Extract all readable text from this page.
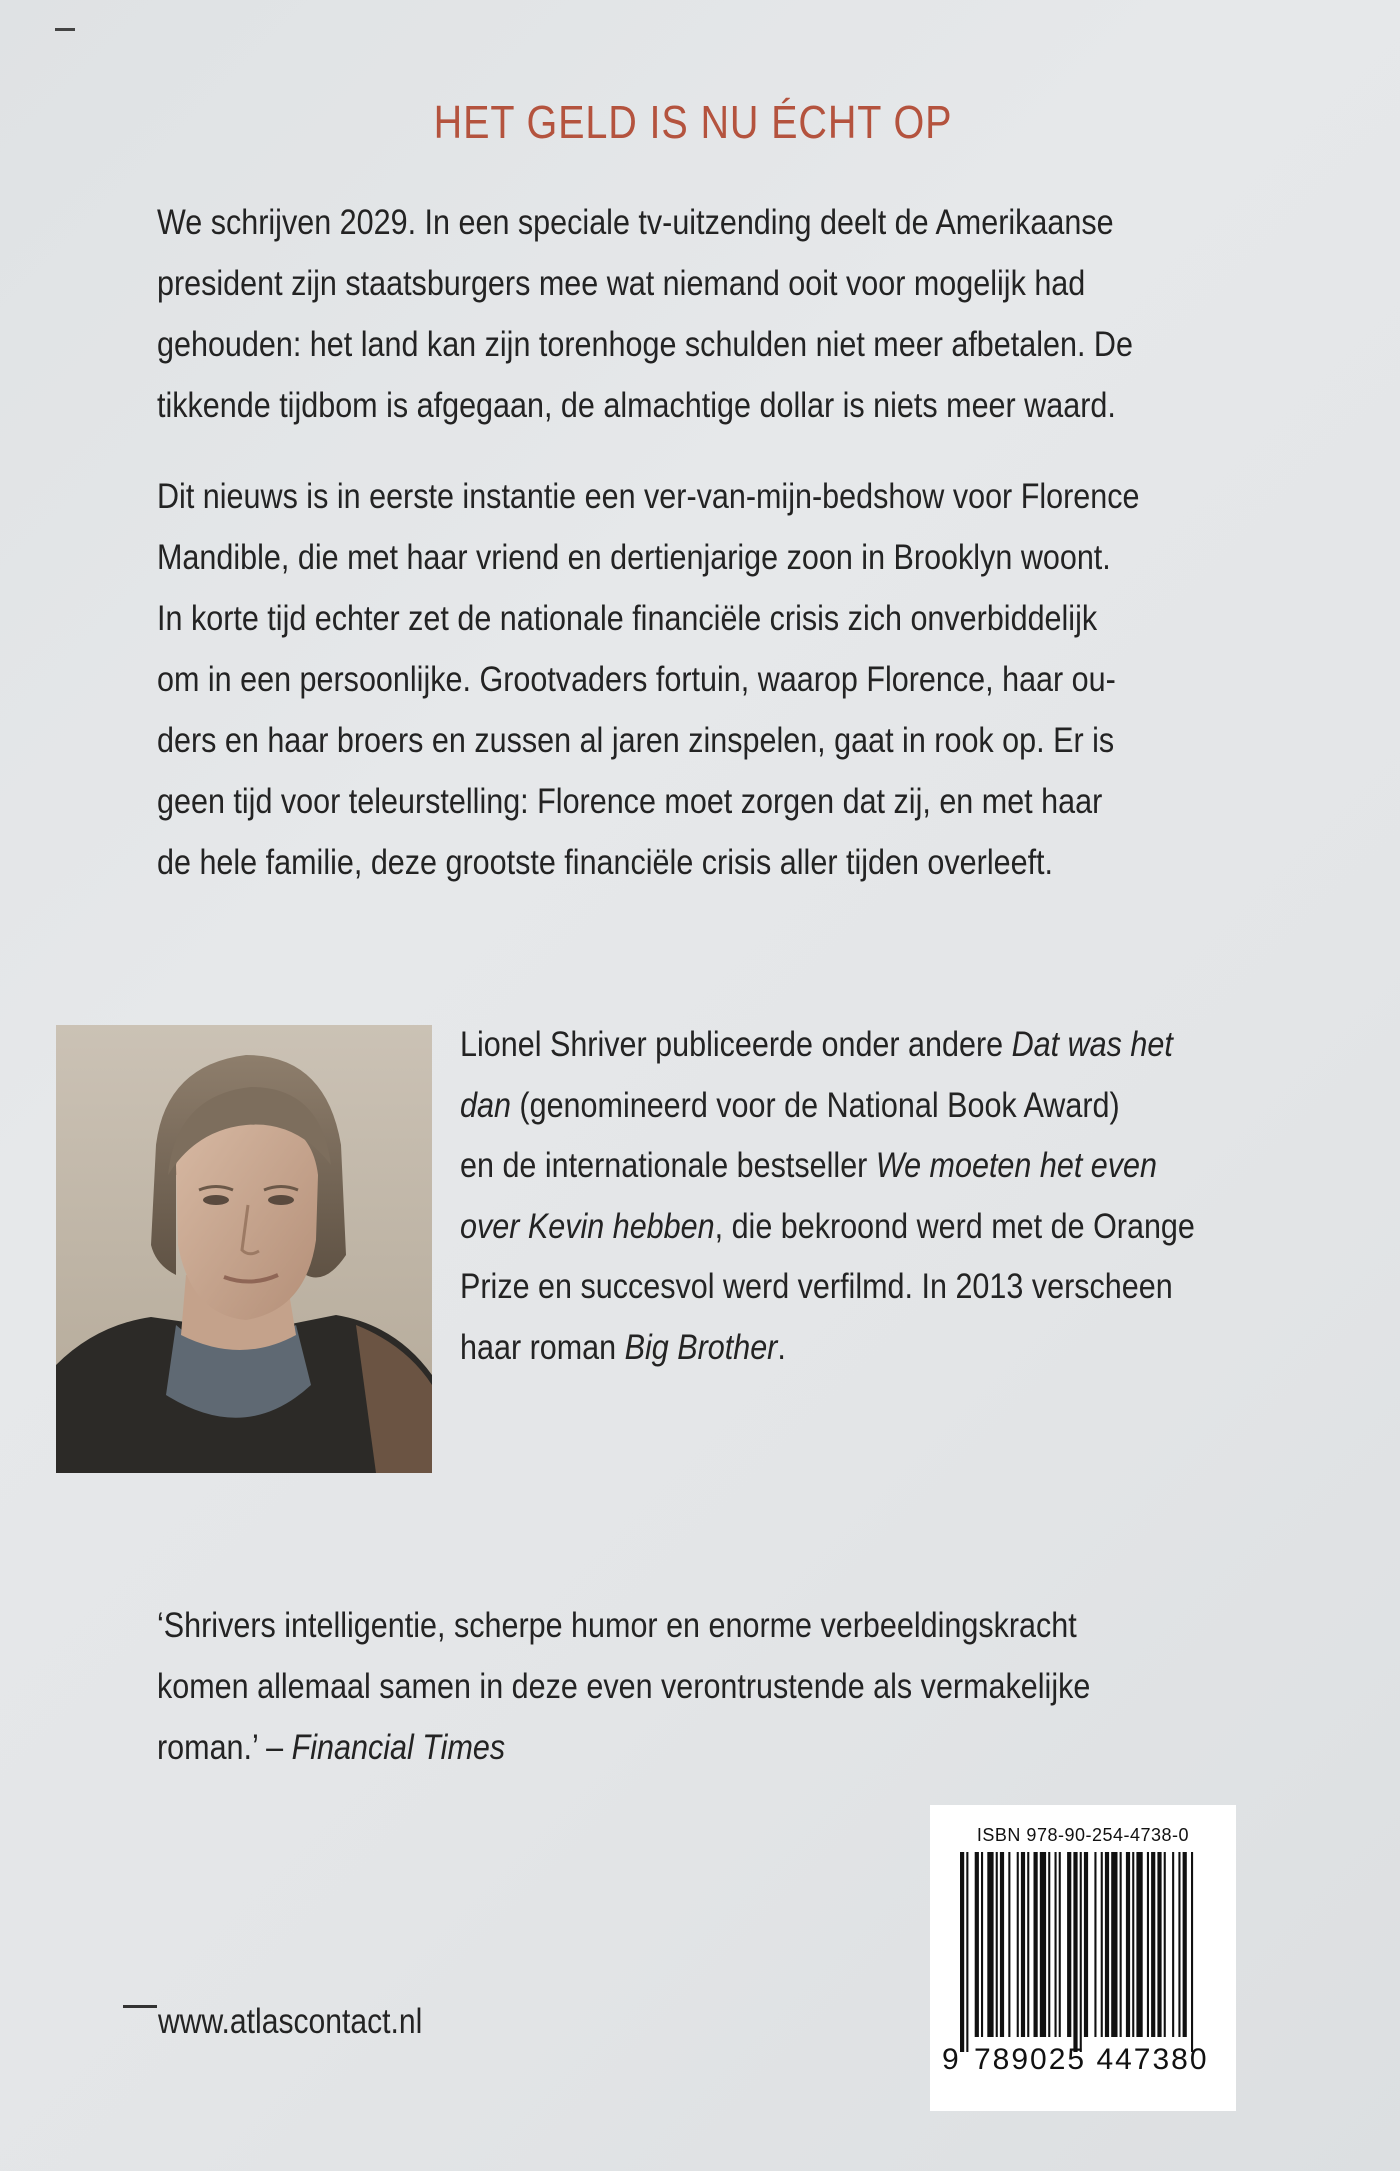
HET GELD IS NU ÉCHT OP

We schrijven 2029. In een speciale tv-uitzending deelt de Amerikaanse
president zijn staatsburgers mee wat niemand ooit voor mogelijk had
gehouden: het land kan zijn torenhoge schulden niet meer afbetalen. De
tikkende tijdbom is afgegaan, de almachtige dollar is niets meer waard.

Dit nieuws is in eerste instantie een ver-van-mijn-bedshow voor Florence
Mandible, die met haar vriend en dertienjarige zoon in Brooklyn woont.
In korte tijd echter zet de nationale financiële crisis zich onverbiddelijk
om in een persoonlijke. Grootvaders fortuin, waarop Florence, haar ou-
ders en haar broers en zussen al jaren zinspelen, gaat in rook op. Er is
geen tijd voor teleurstelling: Florence moet zorgen dat zij, en met haar
de hele familie, deze grootste financiële crisis aller tijden overleeft.

Lionel Shriver publiceerde onder andere Dat was het
dan (genomineerd voor de National Book Award)
en de internationale bestseller We moeten het even
over Kevin hebben, die bekroond werd met de Orange
Prize en succesvol werd verfilmd. In 2013 verscheen
haar roman Big Brother.

‘Shrivers intelligentie, scherpe humor en enorme verbeeldingskracht
komen allemaal samen in deze even verontrustende als vermakelijke
roman.’ – Financial Times

www.atlascontact.nl
ISBN 978-90-254-4738-0
9 789025 447380
